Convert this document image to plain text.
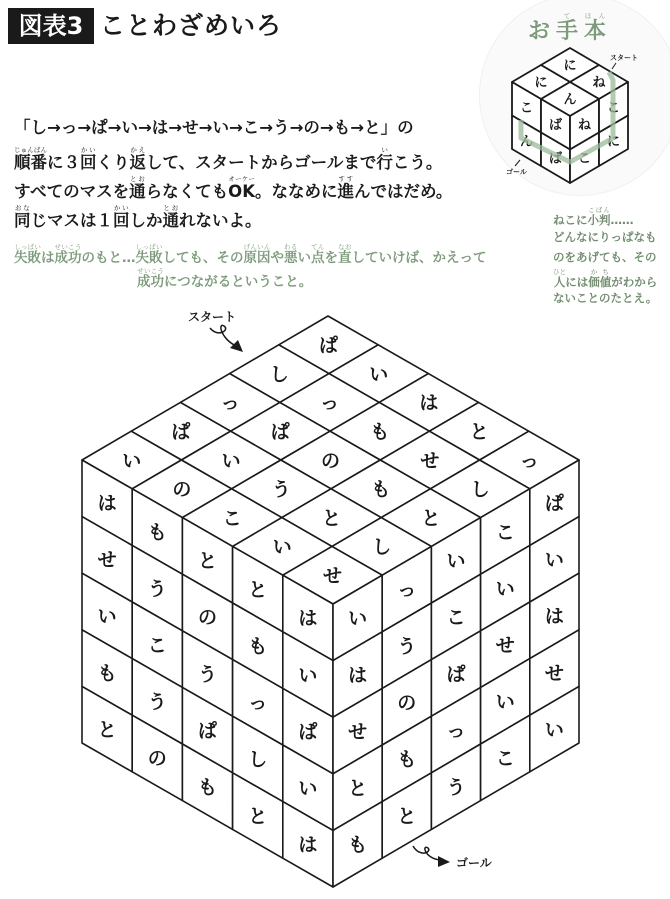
図表3 ことわざめいろ
「し→っ→ぱ→い→は→せ→い→こ→う→の→も→と」の
順番じゅんばんに３回かいくり返かえして、スタートからゴールまで行いこう。
すべてのマスを通とおらなくてもOKオーケー。ななめに進すすんではだめ。
同おなじマスは１回かいしか通とおれないよ。
失敗しっぱいは成功せいこうのもと…失敗しっぱいしても、その原因げんいんや悪わるい点てんを直なおしていけば、かえって
成功せいこうにつながるということ。
お手て本ほん
ねこに小判こばん……
どんなにりっぱなも
のをあげても、その
人ひとには価値かちがわから
ないことのたとえ。
に
ね
に
ん
こ
ん
ば
ば
ね
こ
こ
に
スタート
ゴール
ぱ
い
は
と
っ
し
っ
も
せ
し
っ
ぱ
の
も
と
ぱ
い
う
と
し
い
の
こ
い
せ
は
せ
い
も
と
も
う
こ
う
の
と
の
う
ぱ
も
と
も
っ
し
と
は
い
ぱ
い
は
い
は
せ
と
も
っ
う
の
も
と
い
こ
ぱ
っ
う
こ
い
せ
い
こ
ぱ
い
は
せ
い
スタート
ゴール
